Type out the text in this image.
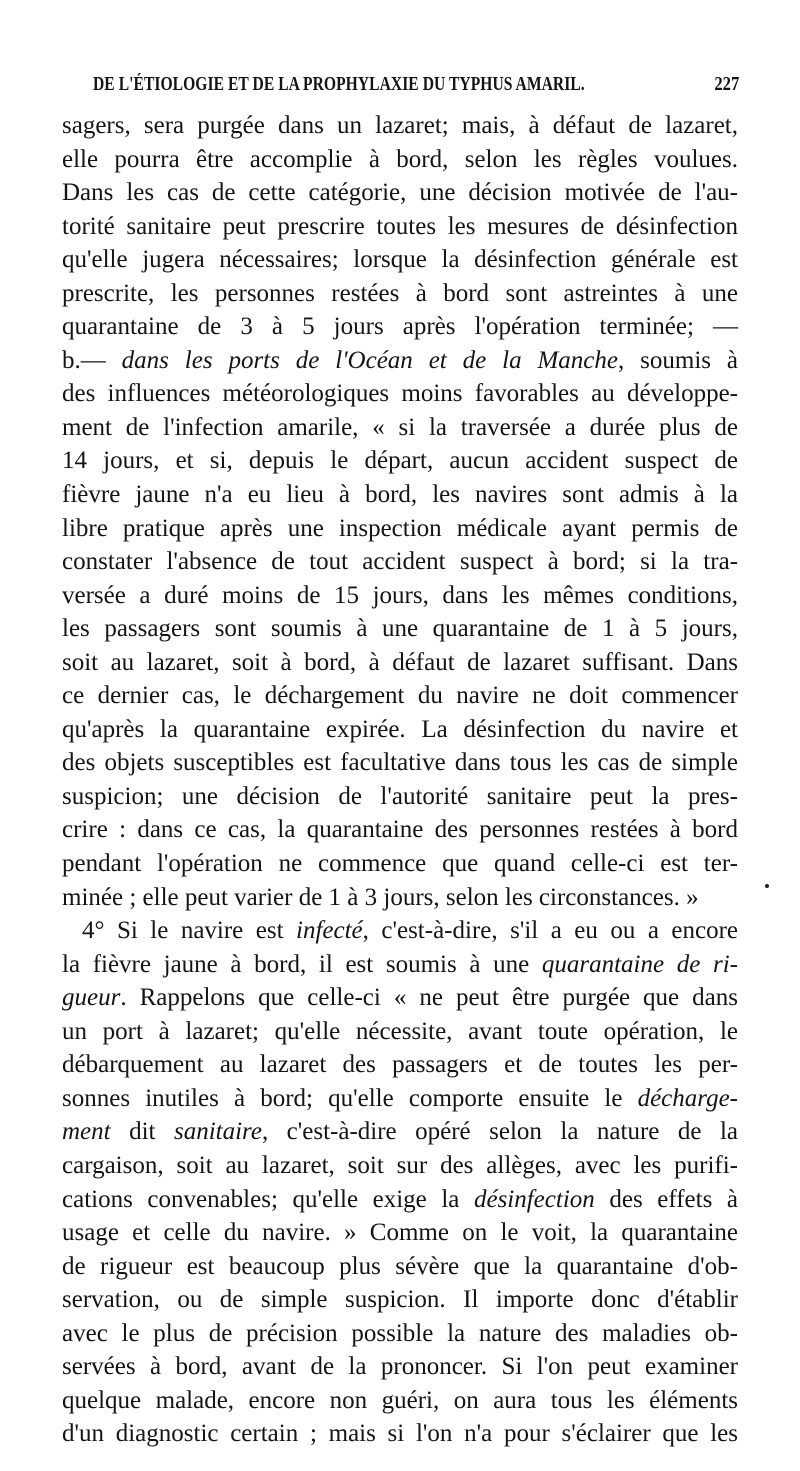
DE L'ÉTIOLOGIE ET DE LA PROPHYLAXIE DU TYPHUS AMARIL.	227
sagers, sera purgée dans un lazaret; mais, à défaut de lazaret,
elle pourra être accomplie à bord, selon les règles voulues.
Dans les cas de cette catégorie, une décision motivée de l'au-
torité sanitaire peut prescrire toutes les mesures de désinfection
qu'elle jugera nécessaires; lorsque la désinfection générale est
prescrite, les personnes restées à bord sont astreintes à une
quarantaine de 3 à 5 jours après l'opération terminée; —
b.— dans les ports de l'Océan et de la Manche, soumis à
des influences météorologiques moins favorables au développe-
ment de l'infection amarile, « si la traversée a durée plus de
14 jours, et si, depuis le départ, aucun accident suspect de
fièvre jaune n'a eu lieu à bord, les navires sont admis à la
libre pratique après une inspection médicale ayant permis de
constater l'absence de tout accident suspect à bord; si la tra-
versée a duré moins de 15 jours, dans les mêmes conditions,
les passagers sont soumis à une quarantaine de 1 à 5 jours,
soit au lazaret, soit à bord, à défaut de lazaret suffisant. Dans
ce dernier cas, le déchargement du navire ne doit commencer
qu'après la quarantaine expirée. La désinfection du navire et
des objets susceptibles est facultative dans tous les cas de simple
suspicion; une décision de l'autorité sanitaire peut la pres-
crire : dans ce cas, la quarantaine des personnes restées à bord
pendant l'opération ne commence que quand celle-ci est ter-
minée ; elle peut varier de 1 à 3 jours, selon les circonstances. »
4° Si le navire est infecté, c'est-à-dire, s'il a eu ou a encore
la fièvre jaune à bord, il est soumis à une quarantaine de ri-
gueur. Rappelons que celle-ci « ne peut être purgée que dans
un port à lazaret; qu'elle nécessite, avant toute opération, le
débarquement au lazaret des passagers et de toutes les per-
sonnes inutiles à bord; qu'elle comporte ensuite le décharge-
ment dit sanitaire, c'est-à-dire opéré selon la nature de la
cargaison, soit au lazaret, soit sur des allèges, avec les purifi-
cations convenables; qu'elle exige la désinfection des effets à
usage et celle du navire. » Comme on le voit, la quarantaine
de rigueur est beaucoup plus sévère que la quarantaine d'ob-
servation, ou de simple suspicion. Il importe donc d'établir
avec le plus de précision possible la nature des maladies ob-
servées à bord, avant de la prononcer. Si l'on peut examiner
quelque malade, encore non guéri, on aura tous les éléments
d'un diagnostic certain ; mais si l'on n'a pour s'éclairer que les
